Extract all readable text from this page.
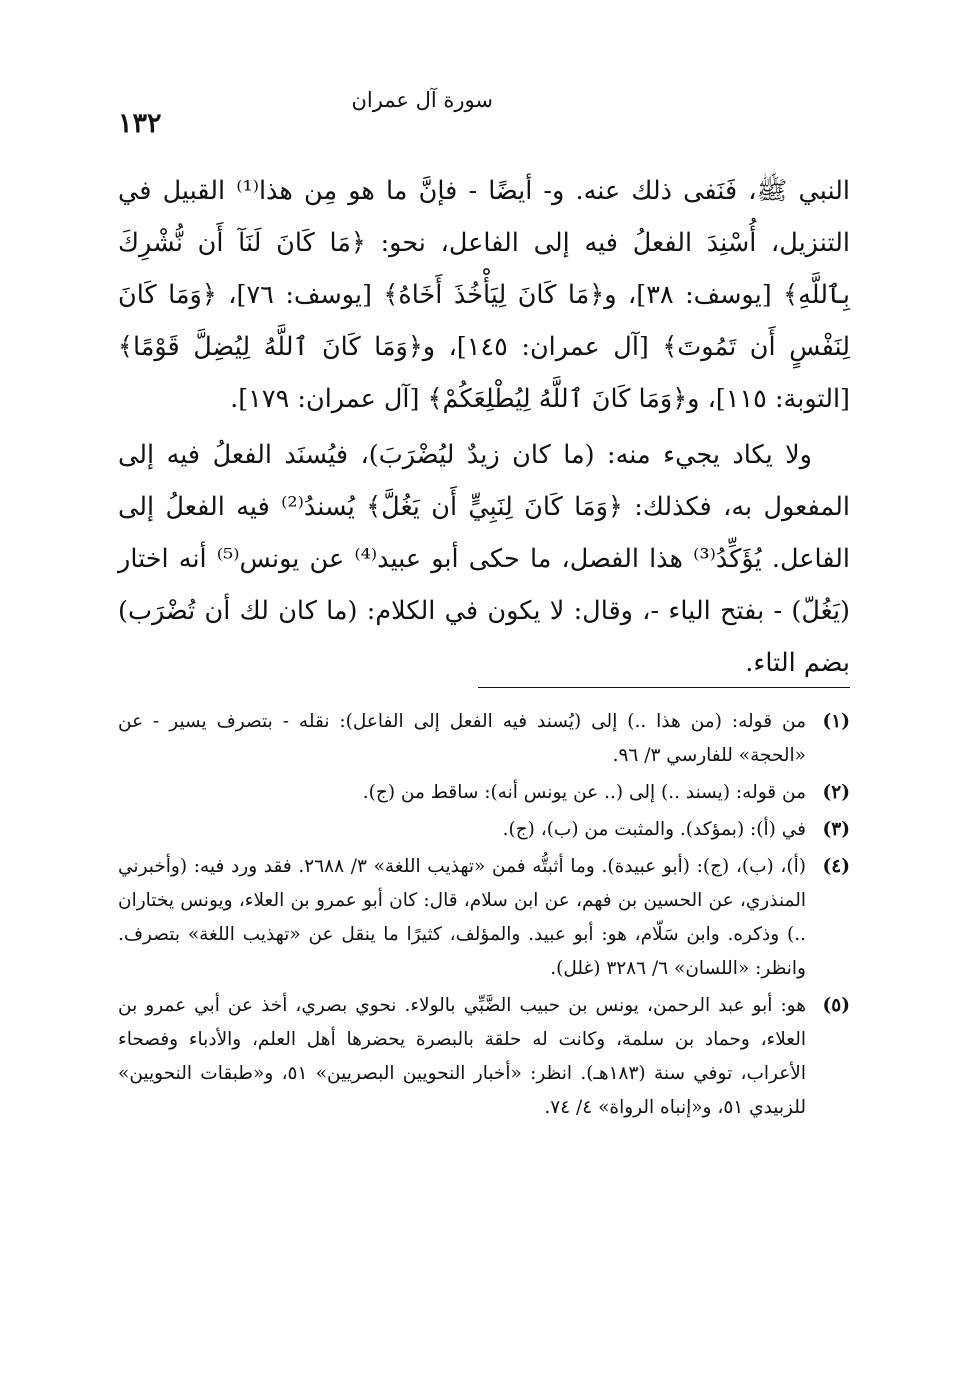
سورة آل عمران
١٣٢

النبي ﷺ، فَنَفى ذلك عنه. و- أيضًا - فإنَّ ما هو مِن هذا⁽¹⁾ القبيل في التنزيل، أُسْنِدَ الفعلُ فيه إلى الفاعل، نحو: ﴿مَا كَانَ لَنَآ أَن نُّشْرِكَ بِٱللَّهِ﴾ [يوسف: ٣٨]، و﴿مَا كَانَ لِيَأْخُذَ أَخَاهُ﴾ [يوسف: ٧٦]، ﴿وَمَا كَانَ لِنَفْسٍ أَن تَمُوتَ﴾ [آل عمران: ١٤٥]، و﴿وَمَا كَانَ ٱللَّهُ لِيُضِلَّ قَوْمًا﴾ [التوبة: ١١٥]، و﴿وَمَا كَانَ ٱللَّهُ لِيُطْلِعَكُمْ﴾ [آل عمران: ١٧٩].

ولا يكاد يجيء منه: (ما كان زيدٌ ليُضْرَبَ)، فيُسنَد الفعلُ فيه إلى المفعول به، فكذلك: ﴿وَمَا كَانَ لِنَبِيٍّ أَن يَغُلَّ﴾ يُسندُ⁽²⁾ فيه الفعلُ إلى الفاعل. يُؤَكِّدُ⁽³⁾ هذا الفصل، ما حكى أبو عبيد⁽⁴⁾ عن يونس⁽⁵⁾ أنه اختار (يَغُلّ) - بفتح الياء -، وقال: لا يكون في الكلام: (ما كان لك أن تُضْرَب) بضم التاء.

(١)
من قوله: (من هذا ..) إلى (يُسند فيه الفعل إلى الفاعل): نقله - بتصرف يسير - عن «الحجة» للفارسي ٣/ ٩٦.
(٢)
من قوله: (يسند ..) إلى (.. عن يونس أنه): ساقط من (ج).
(٣)
في (أ): (بمؤكد). والمثبت من (ب)، (ج).
(٤)
(أ)، (ب)، (ج): (أبو عبيدة). وما أثبتُّه فمن «تهذيب اللغة» ٣/ ٢٦٨٨. فقد ورد فيه: (وأخبرني المنذري، عن الحسين بن فهم، عن ابن سلام، قال: كان أبو عمرو بن العلاء، ويونس يختاران ..) وذكره. وابن سَلّام، هو: أبو عبيد. والمؤلف، كثيرًا ما ينقل عن «تهذيب اللغة» بتصرف. وانظر: «اللسان» ٦/ ٣٢٨٦ (غلل).
(٥)
هو: أبو عبد الرحمن، يونس بن حبيب الضَّبِّي بالولاء. نحوي بصري، أخذ عن أبي عمرو بن العلاء، وحماد بن سلمة، وكانت له حلقة بالبصرة يحضرها أهل العلم، والأدباء وفصحاء الأعراب، توفي سنة (١٨٣هـ). انظر: «أخبار النحويين البصريين» ٥١، و«طبقات النحويين» للزبيدي ٥١، و«إنباه الرواة» ٤/ ٧٤.
